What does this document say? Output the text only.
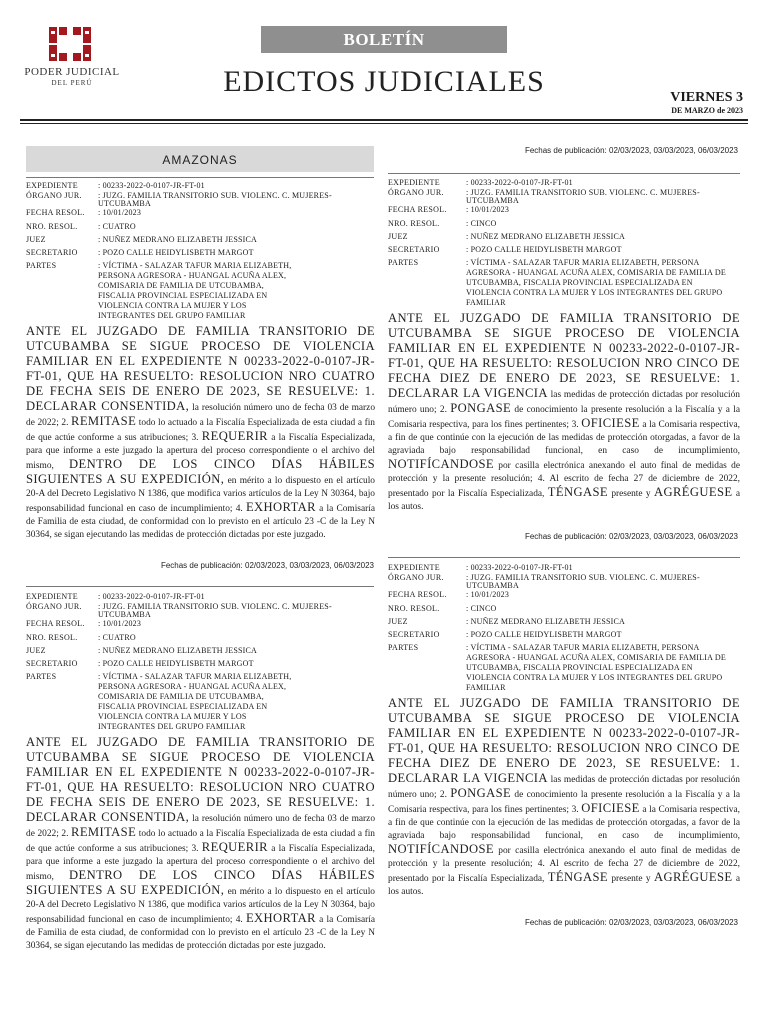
PODER JUDICIAL
DEL PERÚ
BOLETÍN
EDICTOS JUDICIALES	VIERNES 3
DE MARZO de 2023
AMAZONAS
EXPEDIENTE	: 00233-2022-0-0107-JR-FT-01
ÓRGANO JUR.	: JUZG. FAMILIA TRANSITORIO SUB. VIOLENC. C. MUJERES-UTCUBAMBA
FECHA RESOL.	: 10/01/2023
NRO. RESOL.	: CUATRO
JUEZ	: NUÑEZ MEDRANO ELIZABETH JESSICA
SECRETARIO	: POZO CALLE HEIDYLISBETH MARGOT
PARTES	: VÍCTIMA - SALAZAR TAFUR MARIA ELIZABETH, PERSONA AGRESORA - HUANGAL ACUÑA ALEX, COMISARIA DE FAMILIA DE UTCUBAMBA, FISCALIA PROVINCIAL ESPECIALIZADA EN VIOLENCIA CONTRA LA MUJER Y LOS INTEGRANTES DEL GRUPO FAMILIAR
ANTE EL JUZGADO DE FAMILIA TRANSITORIO DE UTCUBAMBA SE SIGUE PROCESO DE VIOLENCIA FAMILIAR EN EL EXPEDIENTE N 00233-2022-0-0107-JR-FT-01, QUE HA RESUELTO: RESOLUCION NRO CUATRO DE FECHA SEIS DE ENERO DE 2023, SE RESUELVE: 1. DECLARAR CONSENTIDA, la resolución número uno de fecha 03 de marzo de 2022; 2. REMITASE todo lo actuado a la Fiscalía Especializada de esta ciudad a fin de que actúe conforme a sus atribuciones; 3. REQUERIR a la Fiscalía Especializada, para que informe a este juzgado la apertura del proceso correspondiente o el archivo del mismo, DENTRO DE LOS CINCO DÍAS HÁBILES SIGUIENTES A SU EXPEDICIÓN, en mérito a lo dispuesto en el artículo 20-A del Decreto Legislativo N 1386, que modifica varios artículos de la Ley N 30364, bajo responsabilidad funcional en caso de incumplimiento; 4. EXHORTAR a la Comisaría de Familia de esta ciudad, de conformidad con lo previsto en el artículo 23 -C de la Ley N 30364, se sigan ejecutando las medidas de protección dictadas por este juzgado.
Fechas de publicación: 02/03/2023, 03/03/2023, 06/03/2023
EXPEDIENTE	: 00233-2022-0-0107-JR-FT-01
ÓRGANO JUR.	: JUZG. FAMILIA TRANSITORIO SUB. VIOLENC. C. MUJERES-UTCUBAMBA
FECHA RESOL.	: 10/01/2023
NRO. RESOL.	: CUATRO
JUEZ	: NUÑEZ MEDRANO ELIZABETH JESSICA
SECRETARIO	: POZO CALLE HEIDYLISBETH MARGOT
PARTES	: VÍCTIMA - SALAZAR TAFUR MARIA ELIZABETH, PERSONA AGRESORA - HUANGAL ACUÑA ALEX, COMISARIA DE FAMILIA DE UTCUBAMBA, FISCALIA PROVINCIAL ESPECIALIZADA EN VIOLENCIA CONTRA LA MUJER Y LOS INTEGRANTES DEL GRUPO FAMILIAR
ANTE EL JUZGADO DE FAMILIA TRANSITORIO DE UTCUBAMBA SE SIGUE PROCESO DE VIOLENCIA FAMILIAR EN EL EXPEDIENTE N 00233-2022-0-0107-JR-FT-01, QUE HA RESUELTO: RESOLUCION NRO CUATRO DE FECHA SEIS DE ENERO DE 2023, SE RESUELVE: 1. DECLARAR CONSENTIDA, la resolución número uno de fecha 03 de marzo de 2022; 2. REMITASE todo lo actuado a la Fiscalía Especializada de esta ciudad a fin de que actúe conforme a sus atribuciones; 3. REQUERIR a la Fiscalía Especializada, para que informe a este juzgado la apertura del proceso correspondiente o el archivo del mismo, DENTRO DE LOS CINCO DÍAS HÁBILES SIGUIENTES A SU EXPEDICIÓN, en mérito a lo dispuesto en el artículo 20-A del Decreto Legislativo N 1386, que modifica varios artículos de la Ley N 30364, bajo responsabilidad funcional en caso de incumplimiento; 4. EXHORTAR a la Comisaría de Familia de esta ciudad, de conformidad con lo previsto en el artículo 23 -C de la Ley N 30364, se sigan ejecutando las medidas de protección dictadas por este juzgado.
Fechas de publicación: 02/03/2023, 03/03/2023, 06/03/2023
EXPEDIENTE	: 00233-2022-0-0107-JR-FT-01
ÓRGANO JUR.	: JUZG. FAMILIA TRANSITORIO SUB. VIOLENC. C. MUJERES-UTCUBAMBA
FECHA RESOL.	: 10/01/2023
NRO. RESOL.	: CINCO
JUEZ	: NUÑEZ MEDRANO ELIZABETH JESSICA
SECRETARIO	: POZO CALLE HEIDYLISBETH MARGOT
PARTES	: VÍCTIMA - SALAZAR TAFUR MARIA ELIZABETH, PERSONA AGRESORA - HUANGAL ACUÑA ALEX, COMISARIA DE FAMILIA DE UTCUBAMBA, FISCALIA PROVINCIAL ESPECIALIZADA EN VIOLENCIA CONTRA LA MUJER Y LOS INTEGRANTES DEL GRUPO FAMILIAR
ANTE EL JUZGADO DE FAMILIA TRANSITORIO DE UTCUBAMBA SE SIGUE PROCESO DE VIOLENCIA FAMILIAR EN EL EXPEDIENTE N 00233-2022-0-0107-JR-FT-01, QUE HA RESUELTO: RESOLUCION NRO CINCO DE FECHA DIEZ DE ENERO DE 2023, SE RESUELVE: 1. DECLARAR LA VIGENCIA las medidas de protección dictadas por resolución número uno; 2. PONGASE de conocimiento la presente resolución a la Fiscalía y a la Comisaria respectiva, para los fines pertinentes; 3. OFICIESE a la Comisaria respectiva, a fin de que continúe con la ejecución de las medidas de protección otorgadas, a favor de la agraviada bajo responsabilidad funcional, en caso de incumplimiento, NOTIFÍCANDOSE por casilla electrónica anexando el auto final de medidas de protección y la presente resolución; 4. Al escrito de fecha 27 de diciembre de 2022, presentado por la Fiscalía Especializada, TÉNGASE presente y AGRÉGUESE a los autos.
Fechas de publicación: 02/03/2023, 03/03/2023, 06/03/2023
EXPEDIENTE	: 00233-2022-0-0107-JR-FT-01
ÓRGANO JUR.	: JUZG. FAMILIA TRANSITORIO SUB. VIOLENC. C. MUJERES-UTCUBAMBA
FECHA RESOL.	: 10/01/2023
NRO. RESOL.	: CINCO
JUEZ	: NUÑEZ MEDRANO ELIZABETH JESSICA
SECRETARIO	: POZO CALLE HEIDYLISBETH MARGOT
PARTES	: VÍCTIMA - SALAZAR TAFUR MARIA ELIZABETH, PERSONA AGRESORA - HUANGAL ACUÑA ALEX, COMISARIA DE FAMILIA DE UTCUBAMBA, FISCALIA PROVINCIAL ESPECIALIZADA EN VIOLENCIA CONTRA LA MUJER Y LOS INTEGRANTES DEL GRUPO FAMILIAR
ANTE EL JUZGADO DE FAMILIA TRANSITORIO DE UTCUBAMBA SE SIGUE PROCESO DE VIOLENCIA FAMILIAR EN EL EXPEDIENTE N 00233-2022-0-0107-JR-FT-01, QUE HA RESUELTO: RESOLUCION NRO CINCO DE FECHA DIEZ DE ENERO DE 2023, SE RESUELVE: 1. DECLARAR LA VIGENCIA las medidas de protección dictadas por resolución número uno; 2. PONGASE de conocimiento la presente resolución a la Fiscalía y a la Comisaria respectiva, para los fines pertinentes; 3. OFICIESE a la Comisaria respectiva, a fin de que continúe con la ejecución de las medidas de protección otorgadas, a favor de la agraviada bajo responsabilidad funcional, en caso de incumplimiento, NOTIFÍCANDOSE por casilla electrónica anexando el auto final de medidas de protección y la presente resolución; 4. Al escrito de fecha 27 de diciembre de 2022, presentado por la Fiscalía Especializada, TÉNGASE presente y AGRÉGUESE a los autos.
Fechas de publicación: 02/03/2023, 03/03/2023, 06/03/2023
